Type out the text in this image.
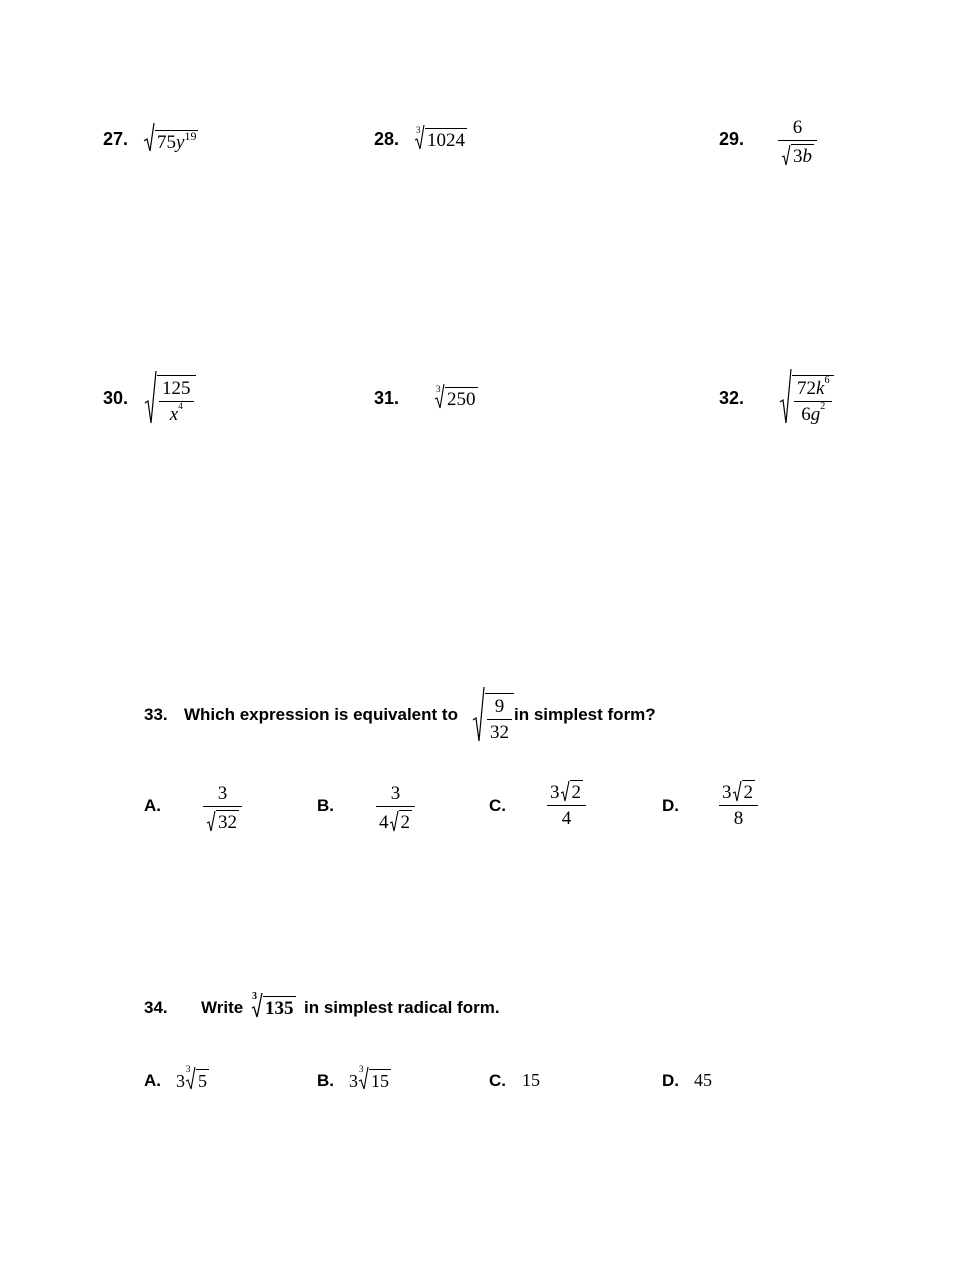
27.	$75y^{19}$	28. 3 1024	29. $\frac{6}{3b}$
30. $\frac{125}{x^4}$	31.	3 250	32.	$\frac{72k^6}{6g^2}$
33. Which expression is equivalent to $\frac{9}{32}$ in simplest form?
A. $\frac{3}{32}$	B. $\frac{3}{4 2}$	C. $\frac{3 2}{4}$	D. $\frac{3 2}{8}$
34. Write
3
135 in simplest radical form.
A. 3
3
5	B. 3
3
15	C. 15	D. 45
